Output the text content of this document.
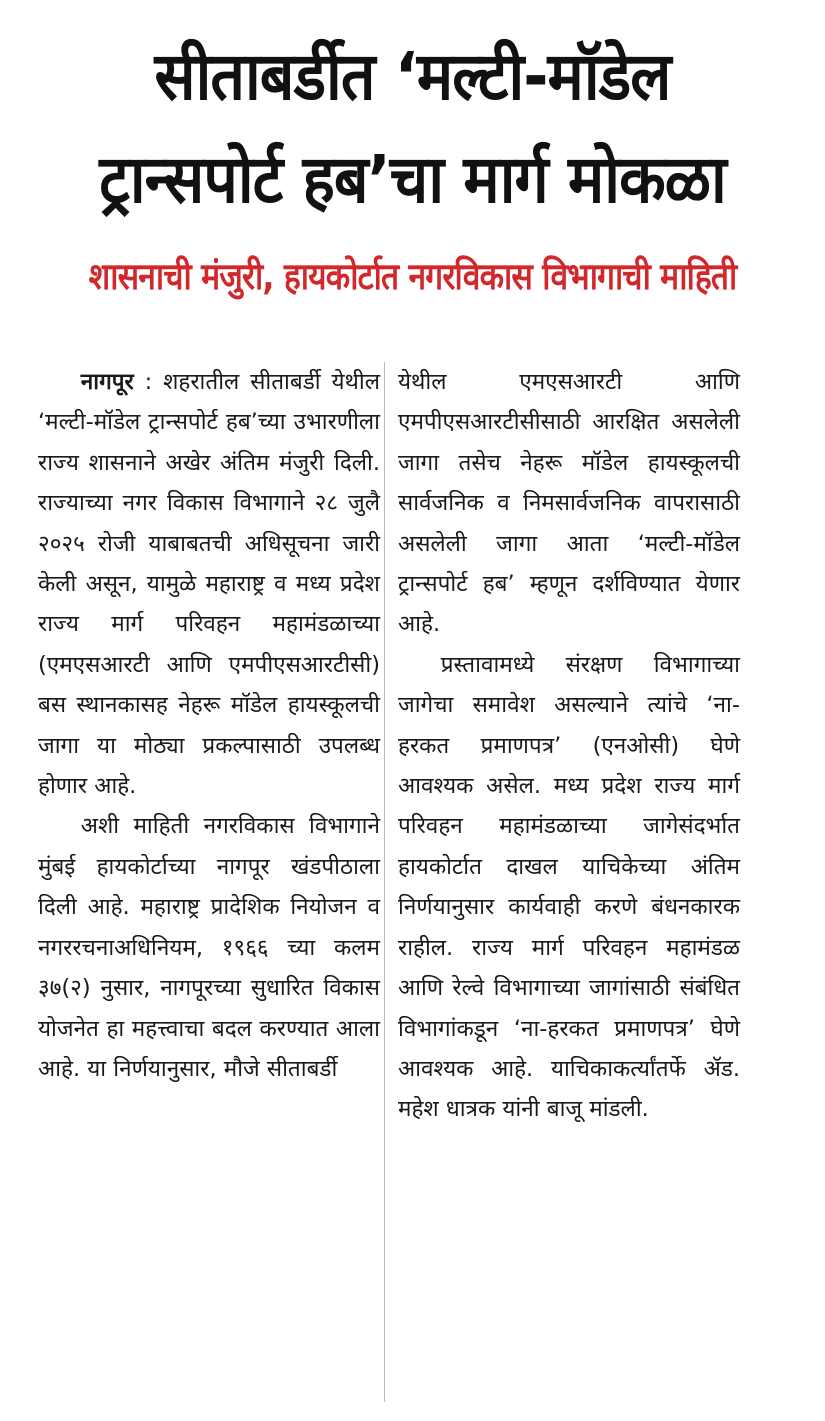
सीताबर्डीत ‘मल्टी-मॉडेल
ट्रान्सपोर्ट हब’चा मार्ग मोकळा
शासनाची मंजुरी, हायकोर्टात नगरविकास विभागाची माहिती

नागपूर : शहरातील सीताबर्डी येथील ‘मल्टी-मॉडेल ट्रान्सपोर्ट हब’च्या उभारणीला राज्य शासनाने अखेर अंतिम मंजुरी दिली. राज्याच्या नगर विकास विभागाने २८ जुलै २०२५ रोजी याबाबतची अधिसूचना जारी केली असून, यामुळे महाराष्ट्र व मध्य प्रदेश राज्य मार्ग परिवहन महामंडळाच्या (एमएसआरटी आणि एमपीएसआरटीसी) बस स्थानकासह नेहरू मॉडेल हायस्कूलची जागा या मोठ्या प्रकल्पासाठी उपलब्ध होणार आहे.

अशी माहिती नगरविकास विभागाने मुंबई हायकोर्टाच्या नागपूर खंडपीठाला दिली आहे. महाराष्ट्र प्रादेशिक नियोजन व नगररचनाअधिनियम, १९६६ च्या कलम ३७(२) नुसार, नागपूरच्या सुधारित विकास योजनेत हा महत्त्वाचा बदल करण्यात आला आहे. या निर्णयानुसार, मौजे सीताबर्डी

येथील एमएसआरटी आणि एमपीएसआरटीसीसाठी आरक्षित असलेली जागा तसेच नेहरू मॉडेल हायस्कूलची सार्वजनिक व निमसार्वजनिक वापरासाठी असलेली जागा आता ‘मल्टी-मॉडेल ट्रान्सपोर्ट हब’ म्हणून दर्शविण्यात येणार आहे.

प्रस्तावामध्ये संरक्षण विभागाच्या जागेचा समावेश असल्याने त्यांचे ‘ना-हरकत प्रमाणपत्र’ (एनओसी) घेणे आवश्यक असेल. मध्य प्रदेश राज्य मार्ग परिवहन महामंडळाच्या जागेसंदर्भात हायकोर्टात दाखल याचिकेच्या अंतिम निर्णयानुसार कार्यवाही करणे बंधनकारक राहील. राज्य मार्ग परिवहन महामंडळ आणि रेल्वे विभागाच्या जागांसाठी संबंधित विभागांकडून ‘ना-हरकत प्रमाणपत्र’ घेणे आवश्यक आहे. याचिकाकर्त्यांतर्फे ॲड. महेश धात्रक यांनी बाजू मांडली.
